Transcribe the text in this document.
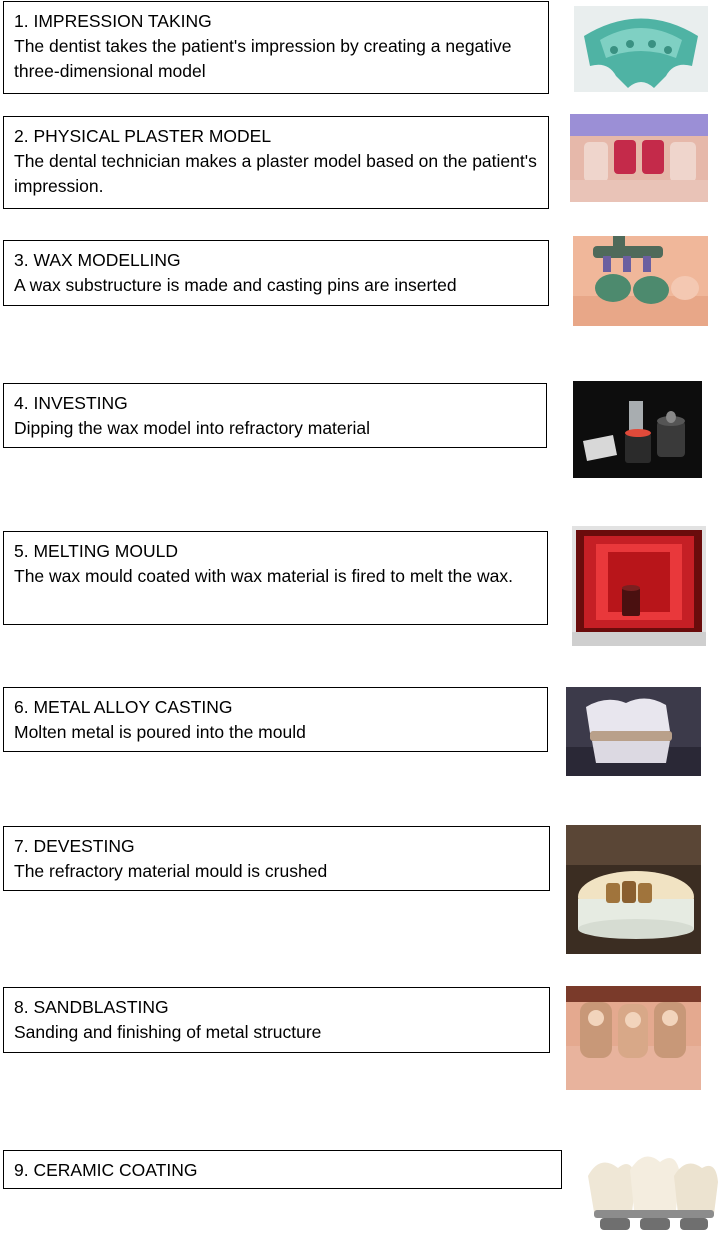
1. IMPRESSION TAKING
The dentist takes the patient's impression by creating a negative three-dimensional model
2. PHYSICAL PLASTER MODEL
The dental technician makes a plaster model based on the patient's impression.
3. WAX MODELLING
A wax substructure is made and casting pins are inserted
4. INVESTING
Dipping the wax model into refractory material
5. MELTING MOULD
The wax mould coated with wax material is fired to melt the wax.
6. METAL ALLOY CASTING
Molten metal is poured into the mould
7. DEVESTING
The refractory material mould is crushed
8. SANDBLASTING
Sanding and finishing of metal structure
9. CERAMIC COATING
